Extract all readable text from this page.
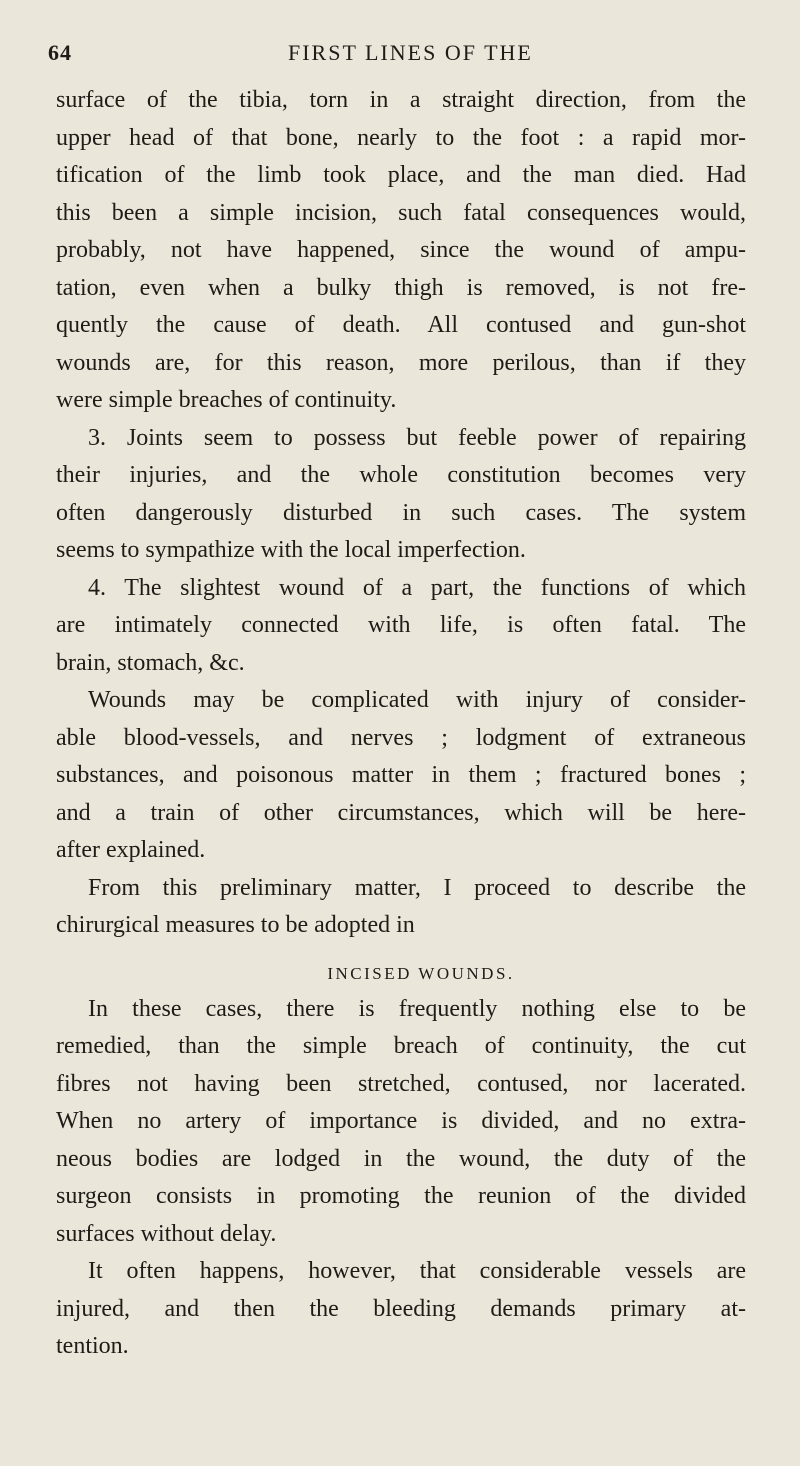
64	FIRST LINES OF THE
surface of the tibia, torn in a straight direction, from the
upper head of that bone, nearly to the foot : a rapid mor-
tification of the limb took place, and the man died. Had
this been a simple incision, such fatal consequences would,
probably, not have happened, since the wound of ampu-
tation, even when a bulky thigh is removed, is not fre-
quently the cause of death. All contused and gun-shot
wounds are, for this reason, more perilous, than if they
were simple breaches of continuity.
3. Joints seem to possess but feeble power of repairing
their injuries, and the whole constitution becomes very
often dangerously disturbed in such cases. The system
seems to sympathize with the local imperfection.
4. The slightest wound of a part, the functions of which
are intimately connected with life, is often fatal. The
brain, stomach, &c.
Wounds may be complicated with injury of consider-
able blood-vessels, and nerves ; lodgment of extraneous
substances, and poisonous matter in them ; fractured bones ;
and a train of other circumstances, which will be here-
after explained.
From this preliminary matter, I proceed to describe the
chirurgical measures to be adopted in
INCISED WOUNDS.
In these cases, there is frequently nothing else to be
remedied, than the simple breach of continuity, the cut
fibres not having been stretched, contused, nor lacerated.
When no artery of importance is divided, and no extra-
neous bodies are lodged in the wound, the duty of the
surgeon consists in promoting the reunion of the divided
surfaces without delay.
It often happens, however, that considerable vessels are
injured, and then the bleeding demands primary at-
tention.
